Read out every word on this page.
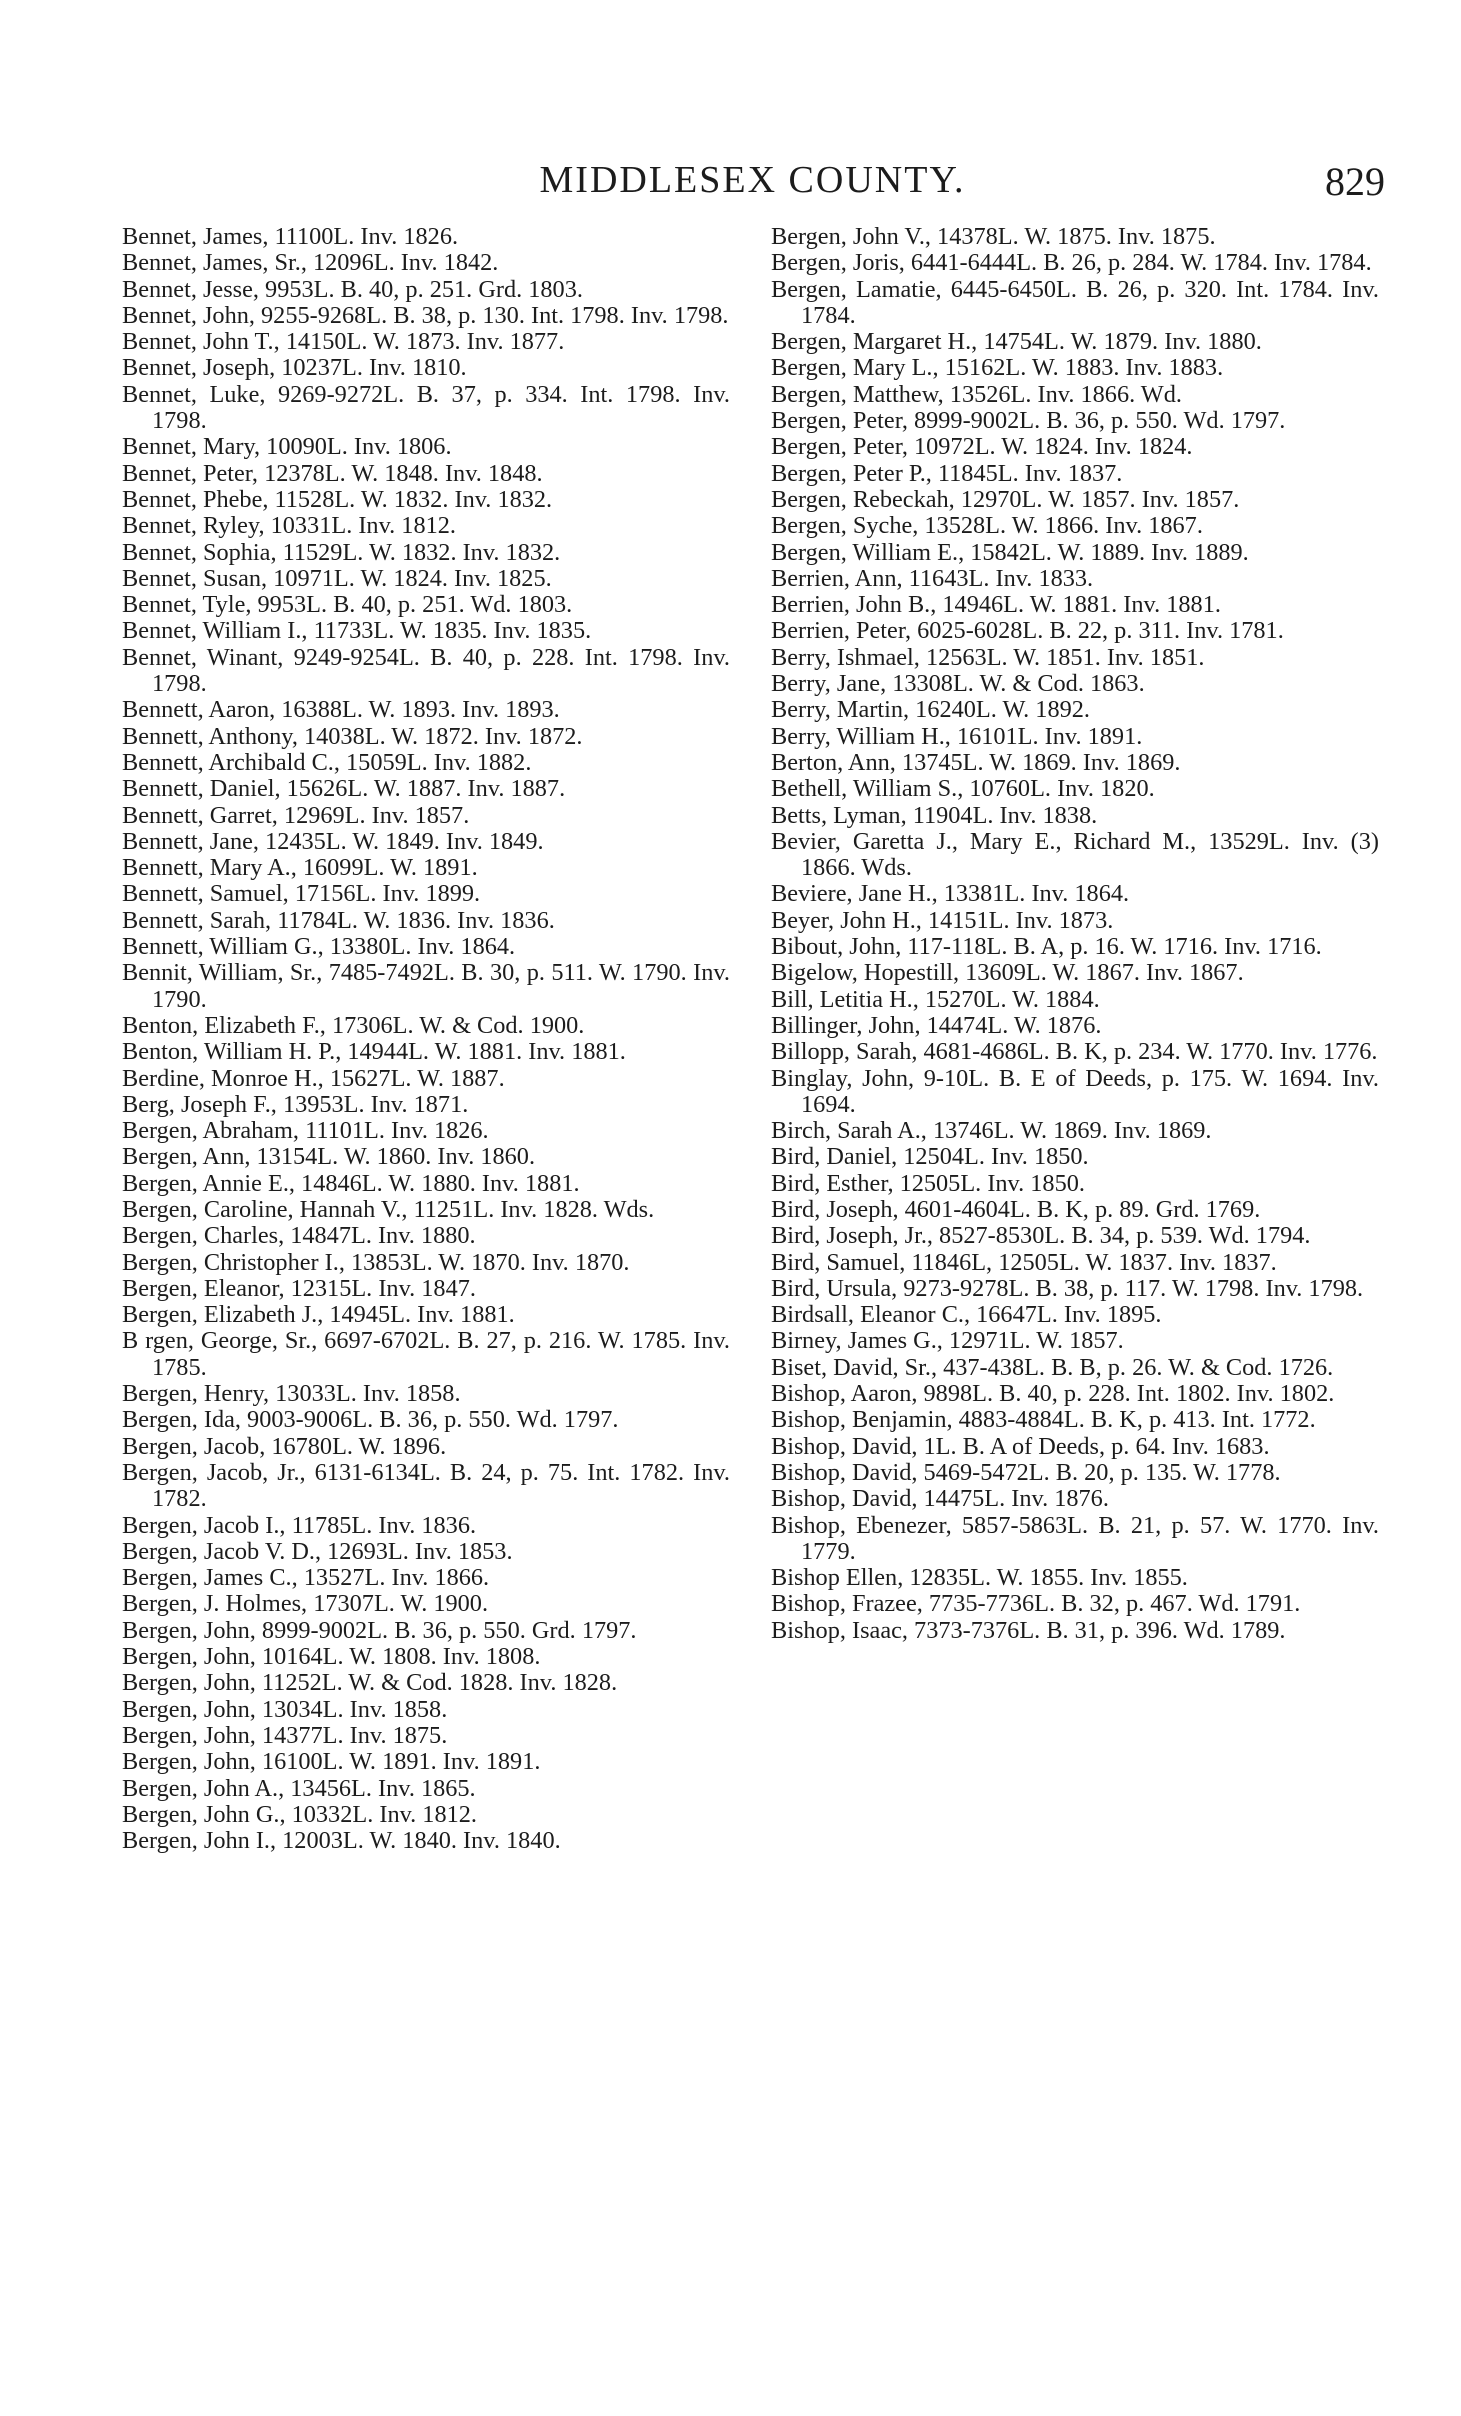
MIDDLESEX COUNTY.	829
Bennet, James, 11100L. Inv. 1826.
Bennet, James, Sr., 12096L. Inv. 1842.
Bennet, Jesse, 9953L. B. 40, p. 251. Grd. 1803.
Bennet, John, 9255-9268L. B. 38, p. 130. Int. 1798. Inv. 1798.
Bennet, John T., 14150L. W. 1873. Inv. 1877.
Bennet, Joseph, 10237L. Inv. 1810.
Bennet, Luke, 9269-9272L. B. 37, p. 334. Int. 1798. Inv. 1798.
Bennet, Mary, 10090L. Inv. 1806.
Bennet, Peter, 12378L. W. 1848. Inv. 1848.
Bennet, Phebe, 11528L. W. 1832. Inv. 1832.
Bennet, Ryley, 10331L. Inv. 1812.
Bennet, Sophia, 11529L. W. 1832. Inv. 1832.
Bennet, Susan, 10971L. W. 1824. Inv. 1825.
Bennet, Tyle, 9953L. B. 40, p. 251. Wd. 1803.
Bennet, William I., 11733L. W. 1835. Inv. 1835.
Bennet, Winant, 9249-9254L. B. 40, p. 228. Int. 1798. Inv. 1798.
Bennett, Aaron, 16388L. W. 1893. Inv. 1893.
Bennett, Anthony, 14038L. W. 1872. Inv. 1872.
Bennett, Archibald C., 15059L. Inv. 1882.
Bennett, Daniel, 15626L. W. 1887. Inv. 1887.
Bennett, Garret, 12969L. Inv. 1857.
Bennett, Jane, 12435L. W. 1849. Inv. 1849.
Bennett, Mary A., 16099L. W. 1891.
Bennett, Samuel, 17156L. Inv. 1899.
Bennett, Sarah, 11784L. W. 1836. Inv. 1836.
Bennett, William G., 13380L. Inv. 1864.
Bennit, William, Sr., 7485-7492L. B. 30, p. 511. W. 1790. Inv. 1790.
Benton, Elizabeth F., 17306L. W. & Cod. 1900.
Benton, William H. P., 14944L. W. 1881. Inv. 1881.
Berdine, Monroe H., 15627L. W. 1887.
Berg, Joseph F., 13953L. Inv. 1871.
Bergen, Abraham, 11101L. Inv. 1826.
Bergen, Ann, 13154L. W. 1860. Inv. 1860.
Bergen, Annie E., 14846L. W. 1880. Inv. 1881.
Bergen, Caroline, Hannah V., 11251L. Inv. 1828. Wds.
Bergen, Charles, 14847L. Inv. 1880.
Bergen, Christopher I., 13853L. W. 1870. Inv. 1870.
Bergen, Eleanor, 12315L. Inv. 1847.
Bergen, Elizabeth J., 14945L. Inv. 1881.
B rgen, George, Sr., 6697-6702L. B. 27, p. 216. W. 1785. Inv. 1785.
Bergen, Henry, 13033L. Inv. 1858.
Bergen, Ida, 9003-9006L. B. 36, p. 550. Wd. 1797.
Bergen, Jacob, 16780L. W. 1896.
Bergen, Jacob, Jr., 6131-6134L. B. 24, p. 75. Int. 1782. Inv. 1782.
Bergen, Jacob I., 11785L. Inv. 1836.
Bergen, Jacob V. D., 12693L. Inv. 1853.
Bergen, James C., 13527L. Inv. 1866.
Bergen, J. Holmes, 17307L. W. 1900.
Bergen, John, 8999-9002L. B. 36, p. 550. Grd. 1797.
Bergen, John, 10164L. W. 1808. Inv. 1808.
Bergen, John, 11252L. W. & Cod. 1828. Inv. 1828.
Bergen, John, 13034L. Inv. 1858.
Bergen, John, 14377L. Inv. 1875.
Bergen, John, 16100L. W. 1891. Inv. 1891.
Bergen, John A., 13456L. Inv. 1865.
Bergen, John G., 10332L. Inv. 1812.
Bergen, John I., 12003L. W. 1840. Inv. 1840.
Bergen, John V., 14378L. W. 1875. Inv. 1875.
Bergen, Joris, 6441-6444L. B. 26, p. 284. W. 1784. Inv. 1784.
Bergen, Lamatie, 6445-6450L. B. 26, p. 320. Int. 1784. Inv. 1784.
Bergen, Margaret H., 14754L. W. 1879. Inv. 1880.
Bergen, Mary L., 15162L. W. 1883. Inv. 1883.
Bergen, Matthew, 13526L. Inv. 1866. Wd.
Bergen, Peter, 8999-9002L. B. 36, p. 550. Wd. 1797.
Bergen, Peter, 10972L. W. 1824. Inv. 1824.
Bergen, Peter P., 11845L. Inv. 1837.
Bergen, Rebeckah, 12970L. W. 1857. Inv. 1857.
Bergen, Syche, 13528L. W. 1866. Inv. 1867.
Bergen, William E., 15842L. W. 1889. Inv. 1889.
Berrien, Ann, 11643L. Inv. 1833.
Berrien, John B., 14946L. W. 1881. Inv. 1881.
Berrien, Peter, 6025-6028L. B. 22, p. 311. Inv. 1781.
Berry, Ishmael, 12563L. W. 1851. Inv. 1851.
Berry, Jane, 13308L. W. & Cod. 1863.
Berry, Martin, 16240L. W. 1892.
Berry, William H., 16101L. Inv. 1891.
Berton, Ann, 13745L. W. 1869. Inv. 1869.
Bethell, William S., 10760L. Inv. 1820.
Betts, Lyman, 11904L. Inv. 1838.
Bevier, Garetta J., Mary E., Richard M., 13529L. Inv. (3) 1866. Wds.
Beviere, Jane H., 13381L. Inv. 1864.
Beyer, John H., 14151L. Inv. 1873.
Bibout, John, 117-118L. B. A, p. 16. W. 1716. Inv. 1716.
Bigelow, Hopestill, 13609L. W. 1867. Inv. 1867.
Bill, Letitia H., 15270L. W. 1884.
Billinger, John, 14474L. W. 1876.
Billopp, Sarah, 4681-4686L. B. K, p. 234. W. 1770. Inv. 1776.
Binglay, John, 9-10L. B. E of Deeds, p. 175. W. 1694. Inv. 1694.
Birch, Sarah A., 13746L. W. 1869. Inv. 1869.
Bird, Daniel, 12504L. Inv. 1850.
Bird, Esther, 12505L. Inv. 1850.
Bird, Joseph, 4601-4604L. B. K, p. 89. Grd. 1769.
Bird, Joseph, Jr., 8527-8530L. B. 34, p. 539. Wd. 1794.
Bird, Samuel, 11846L, 12505L. W. 1837. Inv. 1837.
Bird, Ursula, 9273-9278L. B. 38, p. 117. W. 1798. Inv. 1798.
Birdsall, Eleanor C., 16647L. Inv. 1895.
Birney, James G., 12971L. W. 1857.
Biset, David, Sr., 437-438L. B. B, p. 26. W. & Cod. 1726.
Bishop, Aaron, 9898L. B. 40, p. 228. Int. 1802. Inv. 1802.
Bishop, Benjamin, 4883-4884L. B. K, p. 413. Int. 1772.
Bishop, David, 1L. B. A of Deeds, p. 64. Inv. 1683.
Bishop, David, 5469-5472L. B. 20, p. 135. W. 1778.
Bishop, David, 14475L. Inv. 1876.
Bishop, Ebenezer, 5857-5863L. B. 21, p. 57. W. 1770. Inv. 1779.
Bishop Ellen, 12835L. W. 1855. Inv. 1855.
Bishop, Frazee, 7735-7736L. B. 32, p. 467. Wd. 1791.
Bishop, Isaac, 7373-7376L. B. 31, p. 396. Wd. 1789.
